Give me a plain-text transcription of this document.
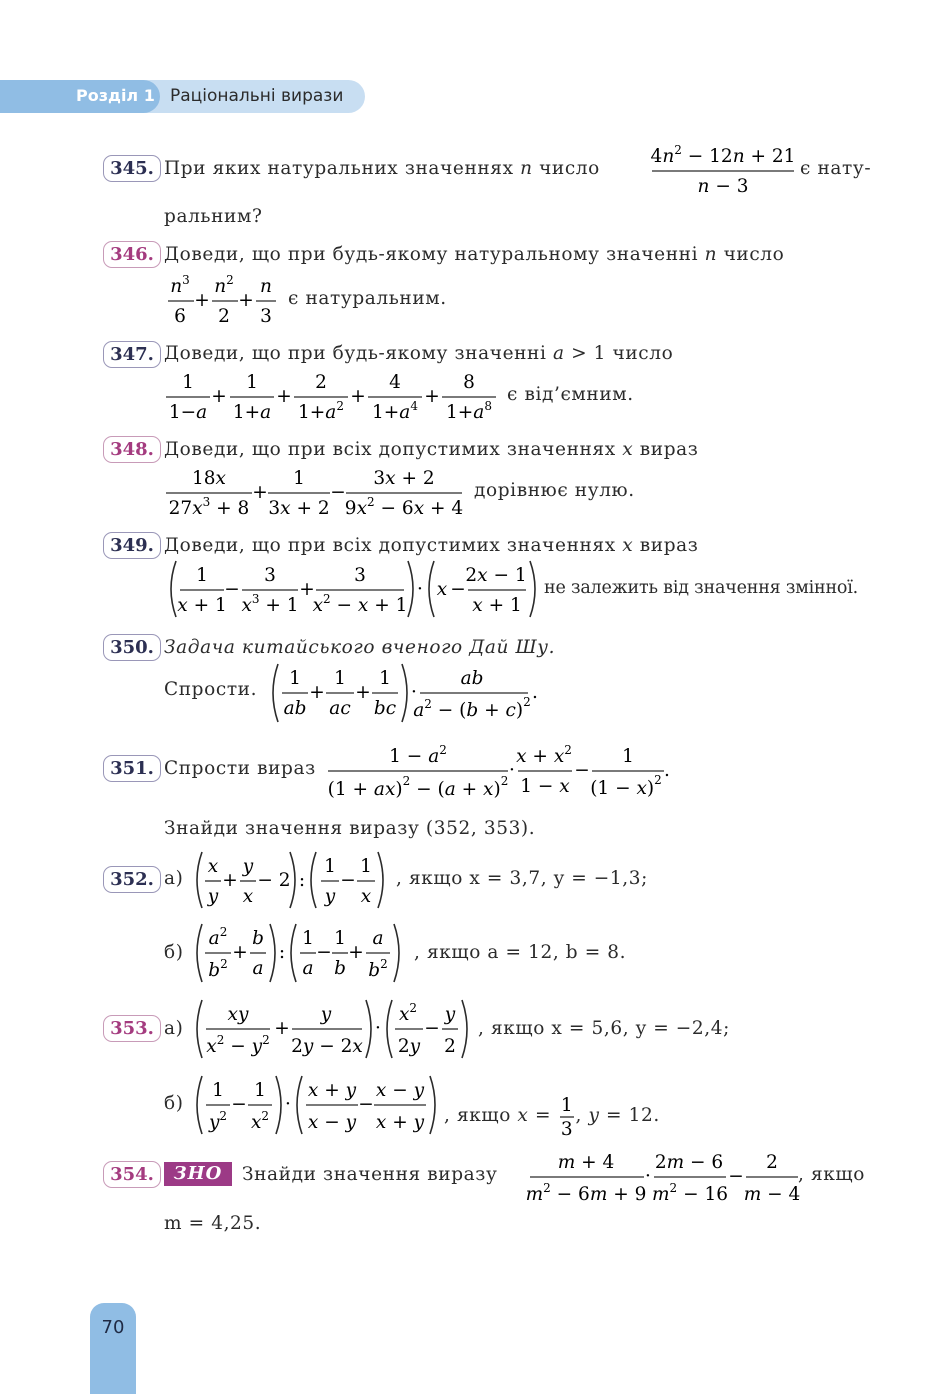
Розділ 1 Раціональні вирази
345. При яких натуральних значеннях n число
$4n^2 - 12n + 21$
n − 3
є нату-
ральним?
346. Доведи, що при будь-якому натуральному значенні n число
$n^3$
6
+
$n^2$
2
+
n
3
є натуральним.
347. Доведи, що при будь-якому значенні a > 1 число
1
1−a
+
1
1+a
+
2
$1+a^2$ +
4
$1+a^4$ +
8
$1+a^8$
є від’ємним.
348. Доведи, що при всіх допустимих значеннях x вираз
18x
$27x^3 + 8$
+
1
3x + 2
−
3x + 2
$9x^2 - 6x + 4$
дорівнює нулю.
349. Доведи, що при всіх допустимих значеннях x вираз
1
x + 1
−
3
$x^3 + 1$
+
3
$x^2 - x + 1$
· x −
2x − 1
x + 1
не залежить від значення змінної.
350. Задача китайського вченого Дай Шу.
Спрости.
1
ab
+
1
ac
+
1
bc
·
ab
$a^2 - (b + c)^2$ .
351. Спрости вираз
$1 - a^2$
$(1 + ax)^2 - (a + x)^2$ ·
$x + x^2$
1 − x
−
1
$(1 - x)^2$ .
Знайди значення виразу (352, 353).
352. а)
x
y
+
y
x
− 2 :
1
y
−
1
x
, якщо x = 3,7, y = −1,3;
б)
$a^2$
$b^2$
+
b
a
:
1
a
−
1
b
+
a
$b^2$
, якщо a = 12, b = 8.
353. а)
xy
$x^2 - y^2$
+
y
2y − 2x
·
$x^2$
2y
−
y
2
, якщо x = 5,6, y = −2,4;
б)
1
$y^2$
−
1
$x^2$
·
x + y
x − y
−
x − y
x + y , якщо x = 1
3
, y = 12.
354.	ЗНО	Знайди значення виразу
m + 4
$m^2 - 6m + 9$
·
2m − 6
$m^2 - 16$
−
2
m − 4
, якщо
m = 4,25.
70
